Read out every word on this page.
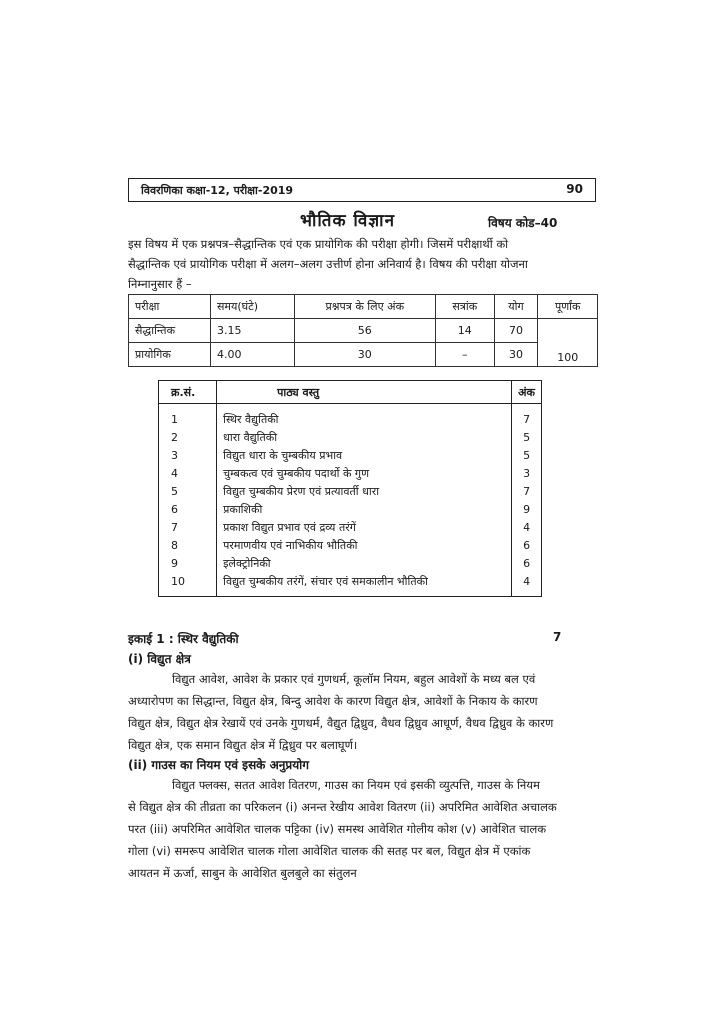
विवरणिका कक्षा-12, परीक्षा-2019	90
भौतिक विज्ञान	विषय कोड–40
इस विषय में एक प्रश्नपत्र–सैद्धान्तिक एवं एक प्रायोगिक की परीक्षा होगी। जिसमें परीक्षार्थी को
सैद्धान्तिक एवं प्रायोगिक परीक्षा में अलग–अलग उत्तीर्ण होना अनिवार्य है। विषय की परीक्षा योजना
निम्नानुसार हैं –
परीक्षा	समय(घंटे)	प्रश्नपत्र के लिए अंक	सत्रांक	योग	पूर्णांक
सैद्धान्तिक	3.15	56	14	70	100
प्रायोगिक	4.00	30	–	30	
क्र.सं.	पाठ्य वस्तु	अंक
1	स्थिर वैद्युतिकी	7
2	धारा वैद्युतिकी	5
3	विद्युत धारा के चुम्बकीय प्रभाव	5
4	चुम्बकत्व एवं चुम्बकीय पदार्थो के गुण	3
5	विद्युत चुम्बकीय प्रेरण एवं प्रत्यावर्ती धारा	7
6	प्रकाशिकी	9
7	प्रकाश विद्युत प्रभाव एवं द्रव्य तरंगें	4
8	परमाणवीय एवं नाभिकीय भौतिकी	6
9	इलेक्ट्रोनिकी	6
10	विद्युत चुम्बकीय तरंगें, संचार एवं समकालीन भौतिकी	4
इकाई 1 : स्थिर वैद्युतिकी	7
(i) विद्युत क्षेत्र
विद्युत आवेश, आवेश के प्रकार एवं गुणधर्म, कूलॉम नियम, बहुल आवेशों के मध्य बल एवं
अध्यारोपण का सिद्धान्त, विद्युत क्षेत्र, बिन्दु आवेश के कारण विद्युत क्षेत्र, आवेशों के निकाय के कारण
विद्युत क्षेत्र, विद्युत क्षेत्र रेखायें एवं उनके गुणधर्म, वैद्युत द्विध्रुव, वैधव द्विध्रुव आधूर्ण, वैधव द्विध्रुव के कारण
विद्युत क्षेत्र, एक समान विद्युत क्षेत्र में द्विध्रुव पर बलाघूर्ण।
(ii) गाउस का नियम एवं इसके अनुप्रयोग
विद्युत फ्लक्स, सतत आवेश वितरण, गाउस का नियम एवं इसकी व्युत्पत्ति, गाउस के नियम
से विद्युत क्षेत्र की तीव्रता का परिकलन (i) अनन्त रेखीय आवेश वितरण (ii) अपरिमित आवेशित अचालक
परत (iii) अपरिमित आवेशित चालक पट्टिका (iv) समस्थ आवेशित गोलीय कोश (v) आवेशित चालक
गोला (vi) समरूप आवेशित चालक गोला आवेशित चालक की सतह पर बल, विद्युत क्षेत्र में एकांक
आयतन में ऊर्जा, साबुन के आवेशित बुलबुले का संतुलन
